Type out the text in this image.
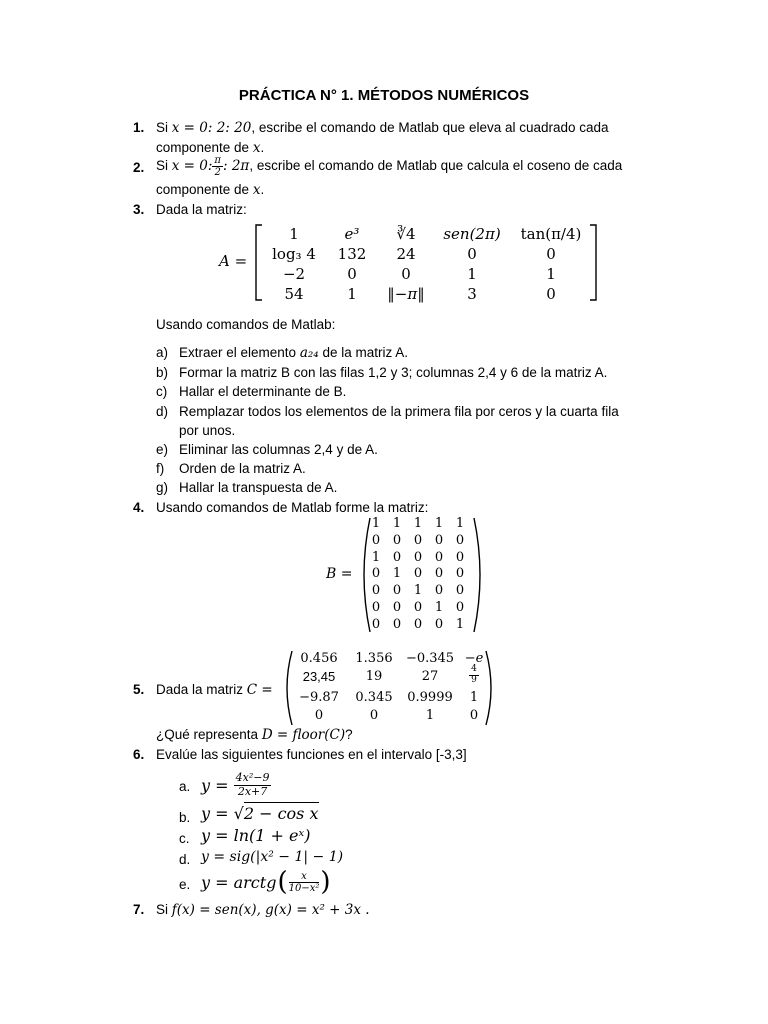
PRÁCTICA N° 1. MÉTODOS NUMÉRICOS
1. Si x = 0: 2: 20, escribe el comando de Matlab que eleva al cuadrado cada
componente de x.
2. Si x = 0: $\frac{\pi}{2}$ : 2π, escribe el comando de Matlab que calcula el coseno de cada
componente de x.
3. Dada la matriz:
A =
1	e³	∛4	sen(2π)	tan(π/4)
log₃ 4	132	24	0	0
−2	0	0	1	1
54	1	‖−π‖	3	0
Usando comandos de Matlab:
a) Extraer el elemento a₂₄ de la matriz A.
b) Formar la matriz B con las filas 1,2 y 3; columnas 2,4 y 6 de la matriz A.
c) Hallar el determinante de B.
d) Remplazar todos los elementos de la primera fila por ceros y la cuarta fila
por unos.
e) Eliminar las columnas 2,4 y de A.
f) Orden de la matriz A.
g) Hallar la transpuesta de A.
4. Usando comandos de Matlab forme la matriz:
B =
1 1 1 1 1
0 0 0 0 0
1 0 0 0 0
0 1 0 0 0
0 0 1 0 0
0 0 0 1 0
0 0 0 0 1
5. Dada la matriz C =
0.456	1.356	−0.345 −e
23,45	19	27	$\frac{4}{9}$
−9.87	0.345	0.9999	1
0	0	1	0
¿Qué representa D = floor(C)?
6. Evalúe las siguientes funciones en el intervalo [-3,3]
a. y =
$\frac{\text{4x²−9}}{2x+7}$
b. y = √2 − cos x
c. y = ln(1 + eˣ)
d. y = sig(|x² − 1| − 1)
e. y = arctg ( $\frac{x}{\text{10−x²}}$ )
7. Si f(x) = sen(x), g(x) = x² + 3x .
